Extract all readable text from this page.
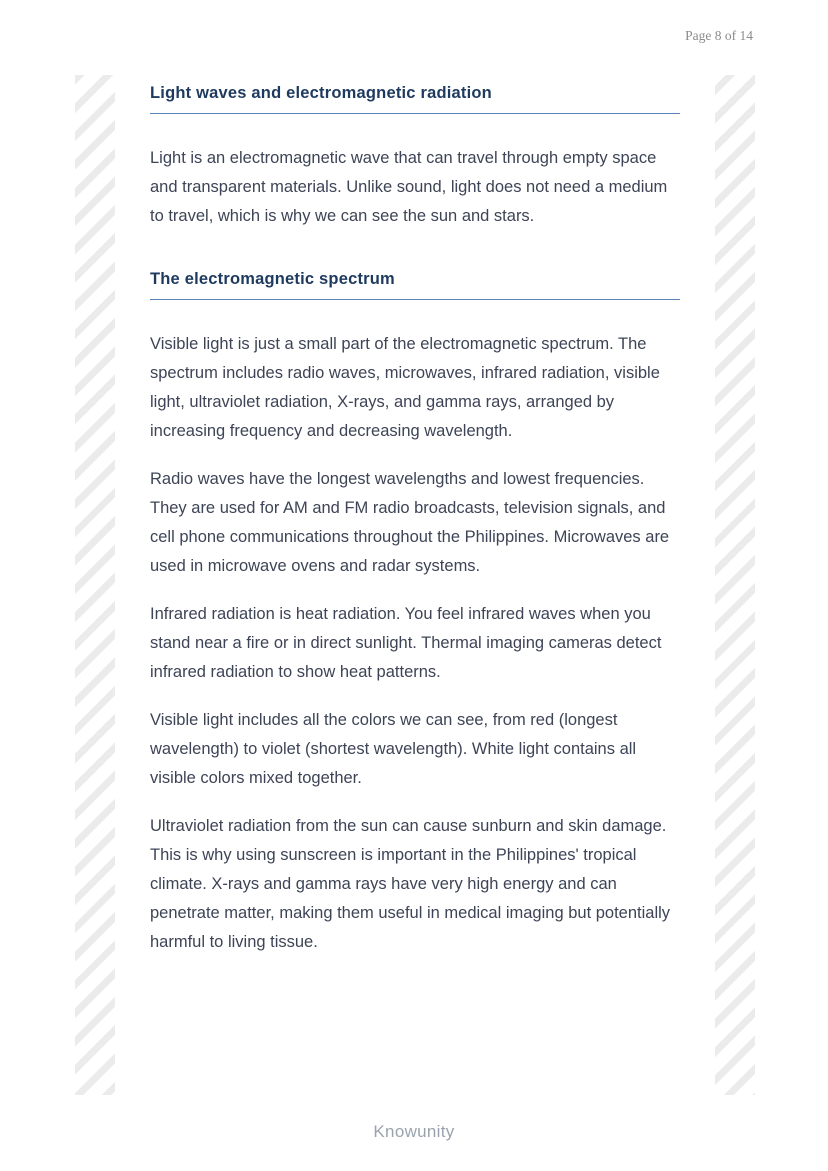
Page 8 of 14
Light waves and electromagnetic radiation

Light is an electromagnetic wave that can travel through empty space and transparent materials. Unlike sound, light does not need a medium to travel, which is why we can see the sun and stars.

The electromagnetic spectrum

Visible light is just a small part of the electromagnetic spectrum. The spectrum includes radio waves, microwaves, infrared radiation, visible light, ultraviolet radiation, X-rays, and gamma rays, arranged by increasing frequency and decreasing wavelength.

Radio waves have the longest wavelengths and lowest frequencies. They are used for AM and FM radio broadcasts, television signals, and cell phone communications throughout the Philippines. Microwaves are used in microwave ovens and radar systems.

Infrared radiation is heat radiation. You feel infrared waves when you stand near a fire or in direct sunlight. Thermal imaging cameras detect infrared radiation to show heat patterns.

Visible light includes all the colors we can see, from red (longest wavelength) to violet (shortest wavelength). White light contains all visible colors mixed together.

Ultraviolet radiation from the sun can cause sunburn and skin damage. This is why using sunscreen is important in the Philippines' tropical climate. X-rays and gamma rays have very high energy and can penetrate matter, making them useful in medical imaging but potentially harmful to living tissue.

Knowunity
